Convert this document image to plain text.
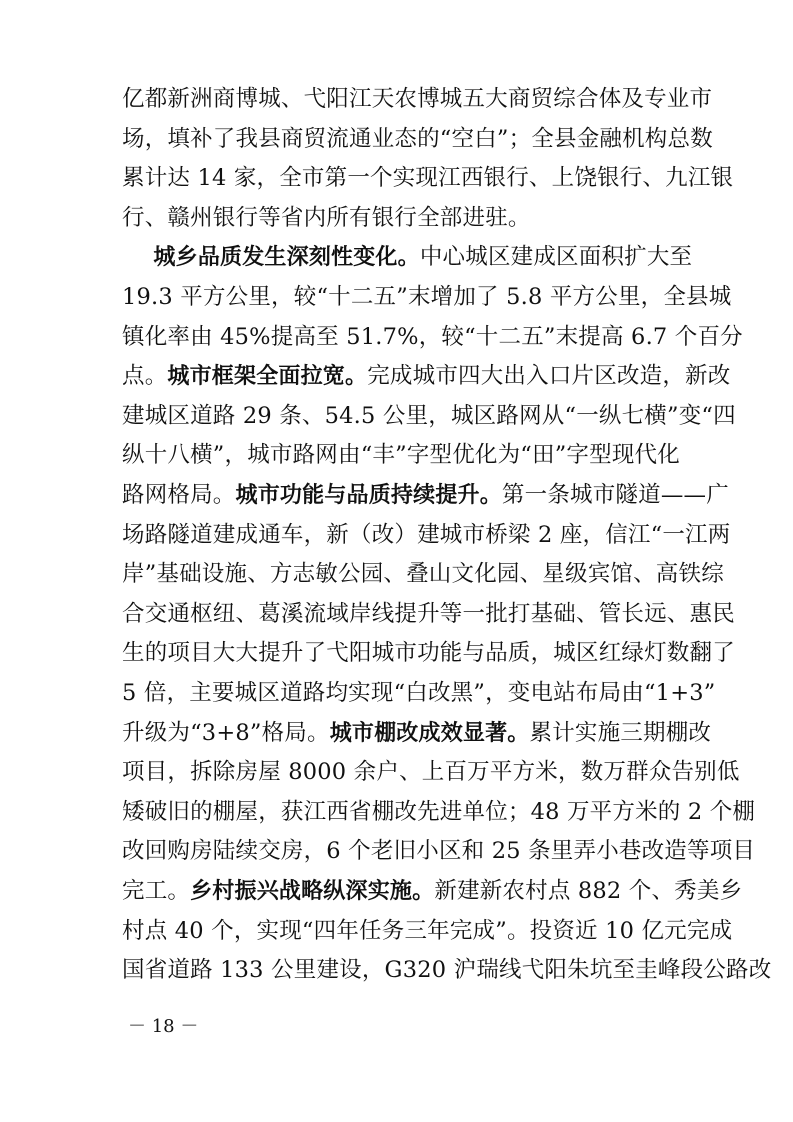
亿都新洲商博城、弋阳江天农博城五大商贸综合体及专业市
场，填补了我县商贸流通业态的“空白”；全县金融机构总数
累计达 14 家，全市第一个实现江西银行、上饶银行、九江银
行、赣州银行等省内所有银行全部进驻。
城乡品质发生深刻性变化。中心城区建成区面积扩大至
19.3 平方公里，较“十二五”末增加了 5.8 平方公里，全县城
镇化率由 45%提高至 51.7%，较“十二五”末提高 6.7 个百分
点。城市框架全面拉宽。完成城市四大出入口片区改造，新改
建城区道路 29 条、54.5 公里，城区路网从“一纵七横”变“四
纵十八横”，城市路网由“丰”字型优化为“田”字型现代化
路网格局。城市功能与品质持续提升。第一条城市隧道——广
场路隧道建成通车，新（改）建城市桥梁 2 座，信江“一江两
岸”基础设施、方志敏公园、叠山文化园、星级宾馆、高铁综
合交通枢纽、葛溪流域岸线提升等一批打基础、管长远、惠民
生的项目大大提升了弋阳城市功能与品质，城区红绿灯数翻了
5 倍，主要城区道路均实现“白改黑”，变电站布局由“1+3”
升级为“3+8”格局。城市棚改成效显著。累计实施三期棚改
项目，拆除房屋 8000 余户、上百万平方米，数万群众告别低
矮破旧的棚屋，获江西省棚改先进单位；48 万平方米的 2 个棚
改回购房陆续交房，6 个老旧小区和 25 条里弄小巷改造等项目
完工。乡村振兴战略纵深实施。新建新农村点 882 个、秀美乡
村点 40 个，实现“四年任务三年完成”。投资近 10 亿元完成
国省道路 133 公里建设，G320 沪瑞线弋阳朱坑至圭峰段公路改
－ 18 －
